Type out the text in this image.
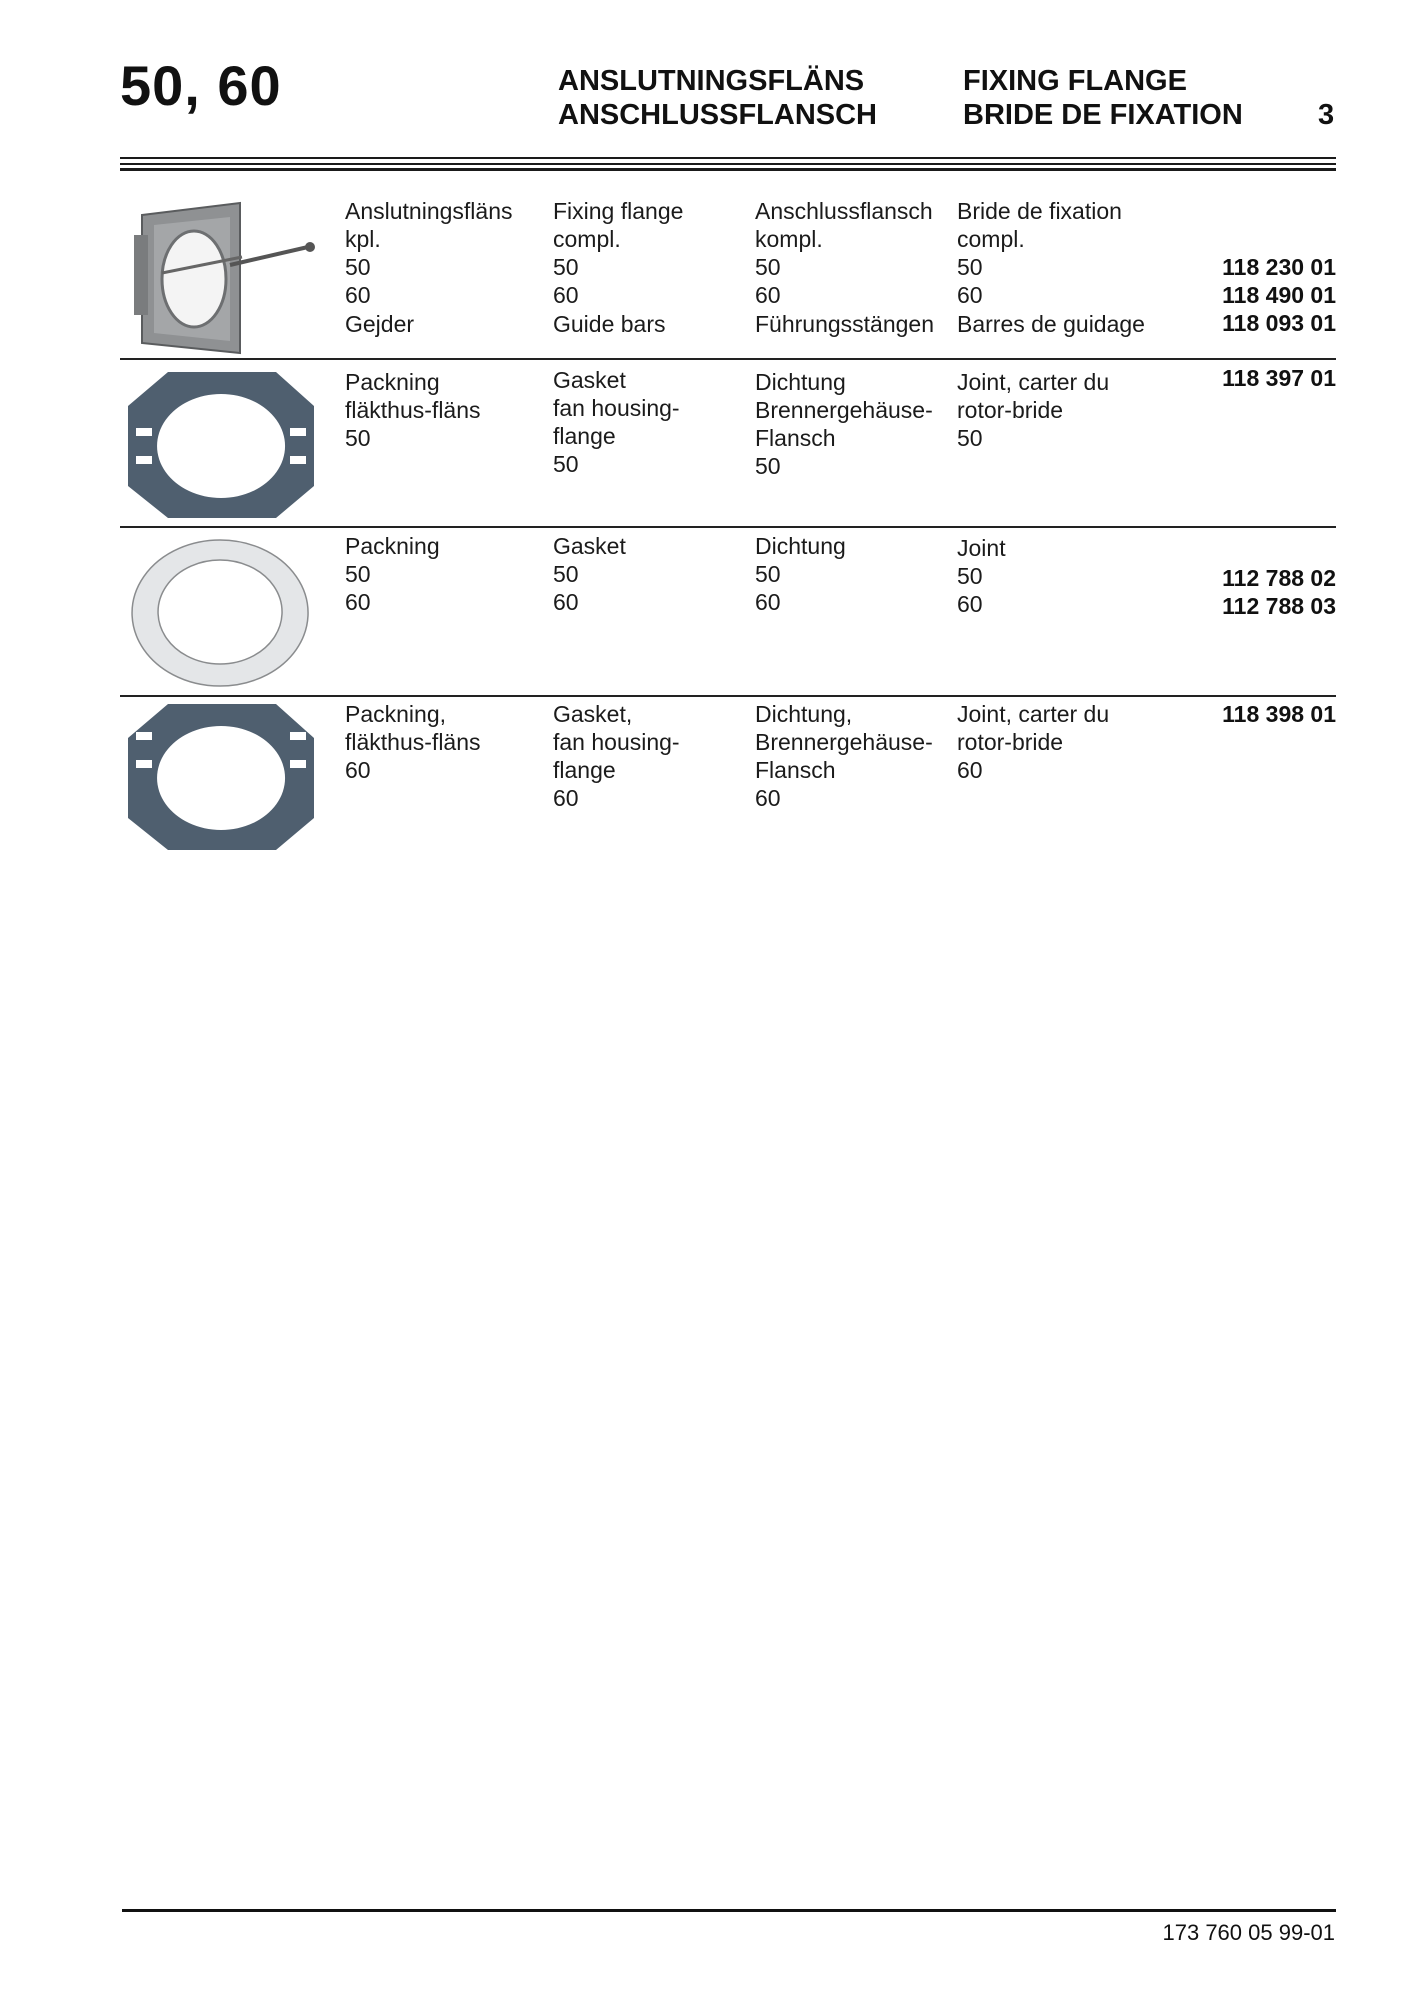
50, 60	ANSLUTNINGSFLÄNS
ANSCHLUSSFLANSCH
FIXING FLANGE
BRIDE DE FIXATION	3
Anslutningsfläns
kpl.
50
60
Gejder
Fixing flange
compl.
50
60
Guide bars
Anschlussflansch
kompl.
50
60
Führungsstängen
Bride de fixation
compl.
50
60
Barres de guidage
118 230 01
118 490 01
118 093 01
Packning
fläkthus-fläns
50
Gasket
fan housing-
flange
50
Dichtung
Brennergehäuse-
Flansch
50
Joint, carter du
rotor-bride
50
118 397 01
Packning
50
60
Gasket
50
60
Dichtung
50
60
Joint
50
60
112 788 02
112 788 03
Packning,
fläkthus-fläns
60
Gasket,
fan housing-
flange
60
Dichtung,
Brennergehäuse-
Flansch
60
Joint, carter du
rotor-bride
60
118 398 01
173 760 05 99-01
